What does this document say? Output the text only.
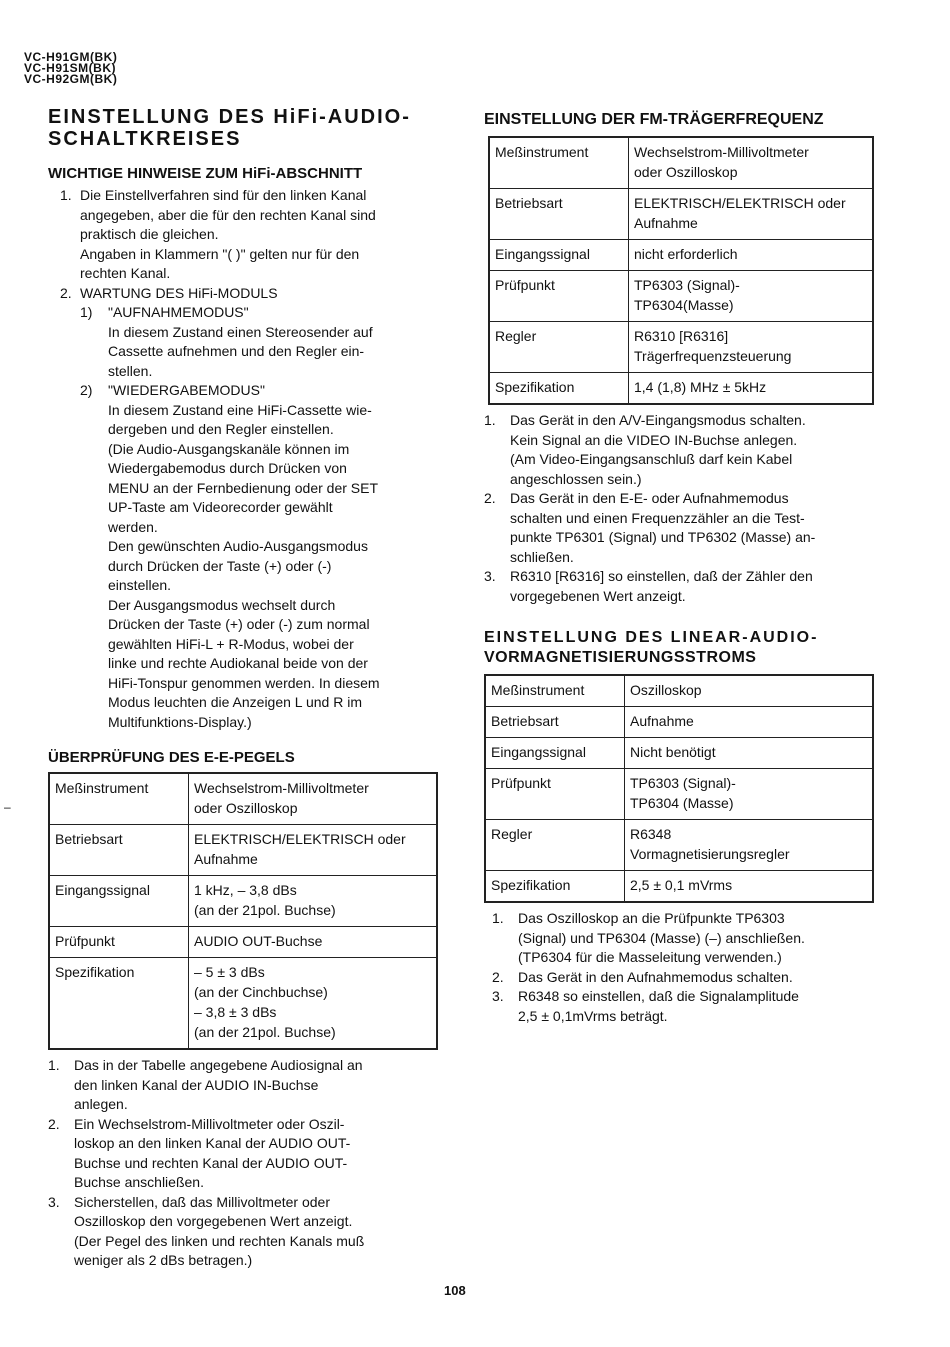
VC-H91GM(BK)
VC-H91SM(BK)
VC-H92GM(BK)
–
EINSTELLUNG DES HiFi-AUDIO-
SCHALTKREISES
WICHTIGE HINWEISE ZUM HiFi-ABSCHNITT
1. Die Einstellverfahren sind für den linken Kanal
angegeben, aber die für den rechten Kanal sind
praktisch die gleichen.
Angaben in Klammern "( )" gelten nur für den
rechten Kanal.
2. WARTUNG DES HiFi-MODULS
1)	"AUFNAHMEMODUS"
In diesem Zustand einen Stereosender auf
Cassette aufnehmen und den Regler ein-
stellen.
2)	"WIEDERGABEMODUS"
In diesem Zustand eine HiFi-Cassette wie-
dergeben und den Regler einstellen.
(Die Audio-Ausgangskanäle können im
Wiedergabemodus durch Drücken von
MENU an der Fernbedienung oder der SET
UP-Taste am Videorecorder gewählt
werden.
Den gewünschten Audio-Ausgangsmodus
durch Drücken der Taste (+) oder (-)
einstellen.
Der Ausgangsmodus wechselt durch
Drücken der Taste (+) oder (-) zum normal
gewählten HiFi-L + R-Modus, wobei der
linke und rechte Audiokanal beide von der
HiFi-Tonspur genommen werden. In diesem
Modus leuchten die Anzeigen L und R im
Multifunktions-Display.)
ÜBERPRÜFUNG DES E-E-PEGELS
Meßinstrument	Wechselstrom-Millivoltmeter
oder Oszilloskop

Betriebsart	ELEKTRISCH/ELEKTRISCH oder
Aufnahme

Eingangssignal	1 kHz, – 3,8 dBs
(an der 21pol. Buchse)

Prüfpunkt	AUDIO OUT-Buchse

Spezifikation	– 5 ± 3 dBs
(an der Cinchbuchse)
– 3,8 ± 3 dBs
(an der 21pol. Buchse)
1.	Das in der Tabelle angegebene Audiosignal an
den linken Kanal der AUDIO IN-Buchse
anlegen.
2.	Ein Wechselstrom-Millivoltmeter oder Oszil-
loskop an den linken Kanal der AUDIO OUT-
Buchse und rechten Kanal der AUDIO OUT-
Buchse anschließen.
3.	Sicherstellen, daß das Millivoltmeter oder
Oszilloskop den vorgegebenen Wert anzeigt.
(Der Pegel des linken und rechten Kanals muß
weniger als 2 dBs betragen.)
EINSTELLUNG DER FM-TRÄGERFREQUENZ
Meßinstrument	Wechselstrom-Millivoltmeter
oder Oszilloskop

Betriebsart	ELEKTRISCH/ELEKTRISCH oder
Aufnahme

Eingangssignal	nicht erforderlich

Prüfpunkt	TP6303 (Signal)-
TP6304(Masse)

Regler	R6310 [R6316]
Trägerfrequenzsteuerung

Spezifikation	1,4 (1,8) MHz ± 5kHz
1.	Das Gerät in den A/V-Eingangsmodus schalten.
Kein Signal an die VIDEO IN-Buchse anlegen.
(Am Video-Eingangsanschluß darf kein Kabel
angeschlossen sein.)
2.	Das Gerät in den E-E- oder Aufnahmemodus
schalten und einen Frequenzzähler an die Test-
punkte TP6301 (Signal) und TP6302 (Masse) an-
schließen.
3.	R6310 [R6316] so einstellen, daß der Zähler den
vorgegebenen Wert anzeigt.
EINSTELLUNG DES LINEAR-AUDIO-
VORMAGNETISIERUNGSSTROMS
Meßinstrument	Oszilloskop

Betriebsart	Aufnahme

Eingangssignal	Nicht benötigt

Prüfpunkt	TP6303 (Signal)-
TP6304 (Masse)

Regler	R6348
Vormagnetisierungsregler

Spezifikation	2,5 ± 0,1 mVrms
1.	Das Oszilloskop an die Prüfpunkte TP6303
(Signal) und TP6304 (Masse) (–) anschließen.
(TP6304 für die Masseleitung verwenden.)
2.	Das Gerät in den Aufnahmemodus schalten.
3.	R6348 so einstellen, daß die Signalamplitude
2,5 ± 0,1mVrms beträgt.
108
